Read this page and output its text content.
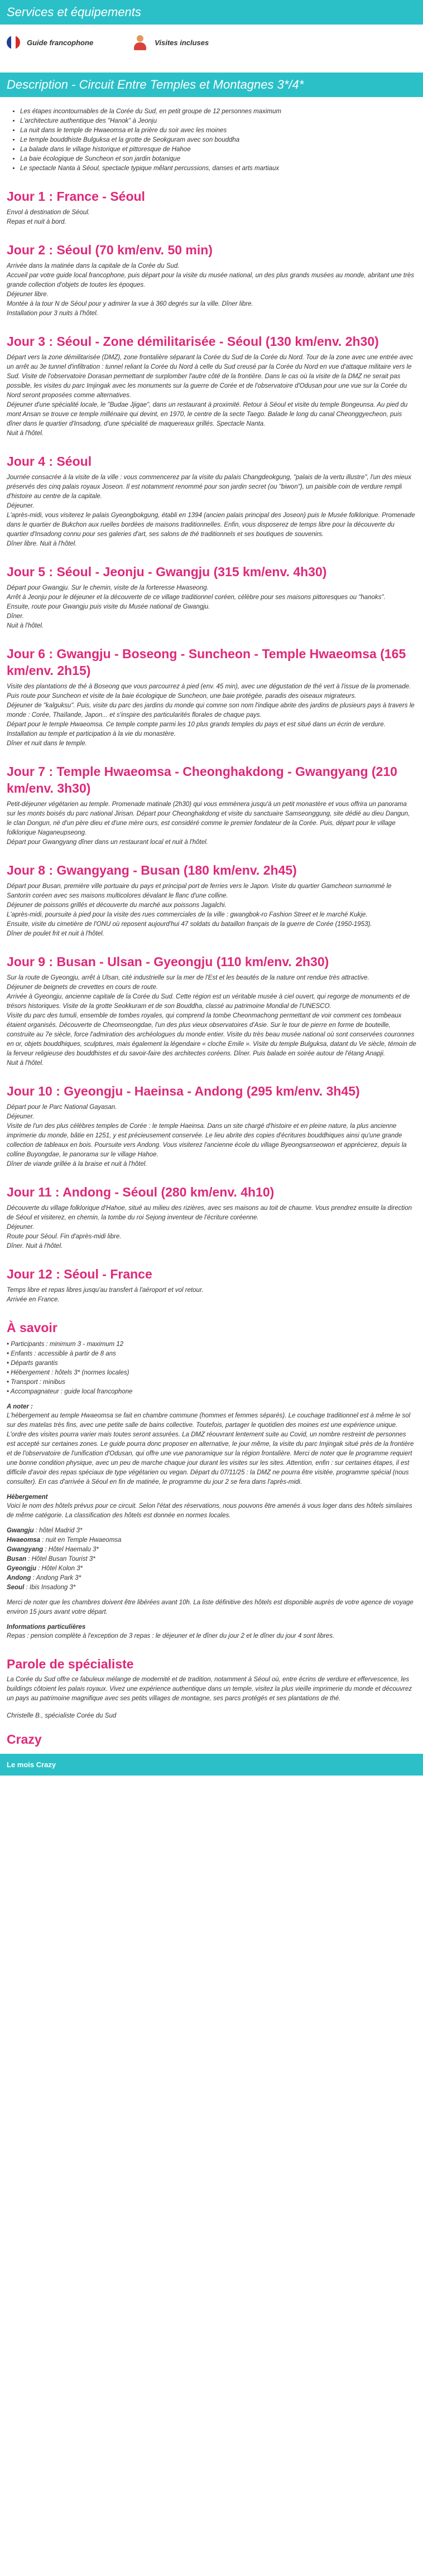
Services et équipements
Guide francophone	Visites incluses
Description - Circuit Entre Temples et Montagnes 3*/4*
• Les étapes incontournables de la Corée du Sud, en petit groupe de 12 personnes maximum
• L'architecture authentique des "Hanok" à Jeonju
• La nuit dans le temple de Hwaeomsa et la prière du soir avec les moines
• Le temple bouddhiste Bulguksa et la grotte de Seokguram avec son bouddha
• La balade dans le village historique et pittoresque de Hahoe
• La baie écologique de Suncheon et son jardin botanique
• Le spectacle Nanta à Séoul, spectacle typique mêlant percussions, danses et arts martiaux
Jour 1 : France - Séoul

Envol à destination de Séoul.

Repas et nuit à bord.

Jour 2 : Séoul (70 km/env. 50 min)

Arrivée dans la matinée dans la capitale de la Corée du Sud.

Accueil par votre guide local francophone, puis départ pour la visite du musée national, un des plus grands musées au monde, abritant une très grande collection d'objets de toutes les époques.

Déjeuner libre.

Montée à la tour N de Séoul pour y admirer la vue à 360 degrés sur la ville. Dîner libre.

Installation pour 3 nuits à l'hôtel.

Jour 3 : Séoul - Zone démilitarisée - Séoul (130 km/env. 2h30)

Départ vers la zone démilitarisée (DMZ), zone frontalière séparant la Corée du Sud de la Corée du Nord. Tour de la zone avec une entrée avec un arrêt au 3e tunnel d'infiltration : tunnel reliant la Corée du Nord à celle du Sud creusé par la Corée du Nord en vue d'attaque militaire vers le Sud. Visite de l'observatoire Dorasan permettant de surplomber l'autre côté de la frontière. Dans le cas où la visite de la DMZ ne serait pas possible, les visites du parc Imjingak avec les monuments sur la guerre de Corée et de l'observatoire d'Odusan pour une vue sur la Corée du Nord seront proposées comme alternatives.

Déjeuner d'une spécialité locale, le "Budae Jjigae", dans un restaurant à proximité. Retour à Séoul et visite du temple Bongeunsa. Au pied du mont Ansan se trouve ce temple millénaire qui devint, en 1970, le centre de la secte Taego. Balade le long du canal Cheonggyecheon, puis dîner dans le quartier d'Insadong, d'une spécialité de maquereaux grillés. Spectacle Nanta.

Nuit à l'hôtel.

Jour 4 : Séoul

Journée consacrée à la visite de la ville : vous commencerez par la visite du palais Changdeokgung, "palais de la vertu illustre", l'un des mieux préservés des cinq palais royaux Joseon. Il est notamment renommé pour son jardin secret (ou "biwon"), un paisible coin de verdure rempli d'histoire au centre de la capitale.

Déjeuner.

L'après-midi, vous visiterez le palais Gyeongbokgung, établi en 1394 (ancien palais principal des Joseon) puis le Musée folklorique. Promenade dans le quartier de Bukchon aux ruelles bordées de maisons traditionnelles. Enfin, vous disposerez de temps libre pour la découverte du quartier d'Insadong connu pour ses galeries d'art, ses salons de thé traditionnels et ses boutiques de souvenirs.

Dîner libre. Nuit à l'hôtel.

Jour 5 : Séoul - Jeonju - Gwangju (315 km/env. 4h30)

Départ pour Gwangju. Sur le chemin, visite de la forteresse Hwaseong.

Arrêt à Jeonju pour le déjeuner et la découverte de ce village traditionnel coréen, célèbre pour ses maisons pittoresques ou "hanoks".

Ensuite, route pour Gwangju puis visite du Musée national de Gwangju.

Dîner.

Nuit à l'hôtel.

Jour 6 : Gwangju - Boseong - Suncheon - Temple Hwaeomsa (165 km/env. 2h15)

Visite des plantations de thé à Boseong que vous parcourrez à pied (env. 45 min), avec une dégustation de thé vert à l'issue de la promenade. Puis route pour Suncheon et visite de la baie écologique de Suncheon, une baie protégée, paradis des oiseaux migrateurs.

Déjeuner de "kalguksu". Puis, visite du parc des jardins du monde qui comme son nom l'indique abrite des jardins de plusieurs pays à travers le monde : Corée, Thaïlande, Japon... et s'inspire des particularités florales de chaque pays.

Départ pour le temple Hwaeomsa. Ce temple compte parmi les 10 plus grands temples du pays et est situé dans un écrin de verdure. Installation au temple et participation à la vie du monastère.

Dîner et nuit dans le temple.

Jour 7 : Temple Hwaeomsa - Cheonghakdong - Gwangyang (210 km/env. 3h30)

Petit-déjeuner végétarien au temple. Promenade matinale (2h30) qui vous emmènera jusqu'à un petit monastère et vous offrira un panorama sur les monts boisés du parc national Jirisan. Départ pour Cheonghakdong et visite du sanctuaire Samseonggung, site dédié au dieu Dangun, le clan Dongun, né d'un père dieu et d'une mère ours, est considéré comme le premier fondateur de la Corée. Puis, départ pour le village folklorique Naganeupseong.

Départ pour Gwangyang dîner dans un restaurant local et nuit à l'hôtel.

Jour 8 : Gwangyang - Busan (180 km/env. 2h45)

Départ pour Busan, première ville portuaire du pays et principal port de ferries vers le Japon. Visite du quartier Gamcheon surnommé le Santorin coréen avec ses maisons multicolores dévalant le flanc d'une colline.

Déjeuner de poissons grillés et découverte du marché aux poissons Jagalchi.

L'après-midi, poursuite à pied pour la visite des rues commerciales de la ville : gwangbok-ro Fashion Street et le marché Kukje.

Ensuite, visite du cimetière de l'ONU où reposent aujourd'hui 47 soldats du bataillon français de la guerre de Corée (1950-1953).

Dîner de poulet frit et nuit à l'hôtel.

Jour 9 : Busan - Ulsan - Gyeongju (110 km/env. 2h30)

Sur la route de Gyeongju, arrêt à Ulsan, cité industrielle sur la mer de l'Est et les beautés de la nature ont rendue très attractive.

Déjeuner de beignets de crevettes en cours de route.

Arrivée à Gyeongju, ancienne capitale de la Corée du Sud. Cette région est un véritable musée à ciel ouvert, qui regorge de monuments et de trésors historiques. Visite de la grotte Seokkuram et de son Bouddha, classé au patrimoine Mondial de l'UNESCO.

Visite du parc des tumuli, ensemble de tombes royales, qui comprend la tombe Cheonmachong permettant de voir comment ces tombeaux étaient organisés. Découverte de Cheomseongdae, l'un des plus vieux observatoires d'Asie. Sur le tour de pierre en forme de bouteille, construite au 7e siècle, force l'admiration des archéologues du monde entier. Visite du très beau musée national où sont conservées couronnes en or, objets bouddhiques, sculptures, mais également la légendaire « cloche Emile ». Visite du temple Bulguksa, datant du Ve siècle, témoin de la ferveur religieuse des bouddhistes et du savoir-faire des architectes coréens. Dîner. Puis balade en soirée autour de l'étang Anapji.

Nuit à l'hôtel.

Jour 10 : Gyeongju - Haeinsa - Andong (295 km/env. 3h45)

Départ pour le Parc National Gayasan.

Déjeuner.

Visite de l'un des plus célèbres temples de Corée : le temple Haeinsa. Dans un site chargé d'histoire et en pleine nature, la plus ancienne imprimerie du monde, bâtie en 1251, y est précieusement conservée. Le lieu abrite des copies d'écritures bouddhiques ainsi qu'une grande collection de tableaux en bois. Poursuite vers Andong. Vous visiterez l'ancienne école du village Byeongsanseowon et apprécierez, depuis la colline Buyongdae, le panorama sur le village Hahoe.

Dîner de viande grillée à la braise et nuit à l'hôtel.

Jour 11 : Andong - Séoul (280 km/env. 4h10)

Découverte du village folklorique d'Hahoe, situé au milieu des rizières, avec ses maisons au toit de chaume. Vous prendrez ensuite la direction de Séoul et visiterez, en chemin, la tombe du roi Sejong inventeur de l'écriture coréenne.

Déjeuner.

Route pour Séoul. Fin d'après-midi libre.

Dîner. Nuit à l'hôtel.

Jour 12 : Séoul - France

Temps libre et repas libres jusqu'au transfert à l'aéroport et vol retour.

Arrivée en France.

À savoir
• Participants : minimum 3 - maximum 12
• Enfants : accessible à partir de 8 ans
• Départs garantis
• Hébergement : hôtels 3* (normes locales)
• Transport : minibus
• Accompagnateur : guide local francophone
A noter :

L'hébergement au temple Hwaeomsa se fait en chambre commune (hommes et femmes séparés). Le couchage traditionnel est à même le sol sur des matelas très fins, avec une petite salle de bains collective. Toutefois, partager le quotidien des moines est une expérience unique. L'ordre des visites pourra varier mais toutes seront assurées. La DMZ réouvrant lentement suite au Covid, un nombre restreint de personnes est accepté sur certaines zones. Le guide pourra donc proposer en alternative, le jour même, la visite du parc Imjingak situé près de la frontière et de l'observatoire de l'unification d'Odusan, qui offre une vue panoramique sur la région frontalière. Merci de noter que le programme requiert une bonne condition physique, avec un peu de marche chaque jour durant les visites sur les sites. Attention, enfin : sur certaines étapes, il est difficile d'avoir des repas spéciaux de type végétarien ou vegan. Départ du 07/11/25 : la DMZ ne pourra être visitée, programme spécial (nous consulter). En cas d'arrivée à Séoul en fin de matinée, le programme du jour 2 se fera dans l'après-midi.

Hébergement

Voici le nom des hôtels prévus pour ce circuit. Selon l'état des réservations, nous pouvons être amenés à vous loger dans des hôtels similaires de même catégorie. La classification des hôtels est donnée en normes locales.

Gwangju : hôtel Madrid 3*
Hwaeomsa : nuit en Temple Hwaeomsa
Gwangyang : Hôtel Haemalu 3*
Busan : Hôtel Busan Tourist 3*
Gyeongju : Hôtel Kolon 3*
Andong : Andong Park 3*
Seoul : Ibis Insadong 3*

Merci de noter que les chambres doivent être libérées avant 10h. La liste définitive des hôtels est disponible auprès de votre agence de voyage environ 15 jours avant votre départ.

Informations particulières

Repas : pension complète à l'exception de 3 repas : le déjeuner et le dîner du jour 2 et le dîner du jour 4 sont libres.

Parole de spécialiste

La Corée du Sud offre ce fabuleux mélange de modernité et de tradition, notamment à Séoul où, entre écrins de verdure et effervescence, les buildings côtoient les palais royaux. Vivez une expérience authentique dans un temple, visitez la plus vieille imprimerie du monde et découvrez un pays au patrimoine magnifique avec ses petits villages de montagne, ses parcs protégés et ses plantations de thé.

Christelle B., spécialiste Corée du Sud

Crazy
Le mois Crazy
